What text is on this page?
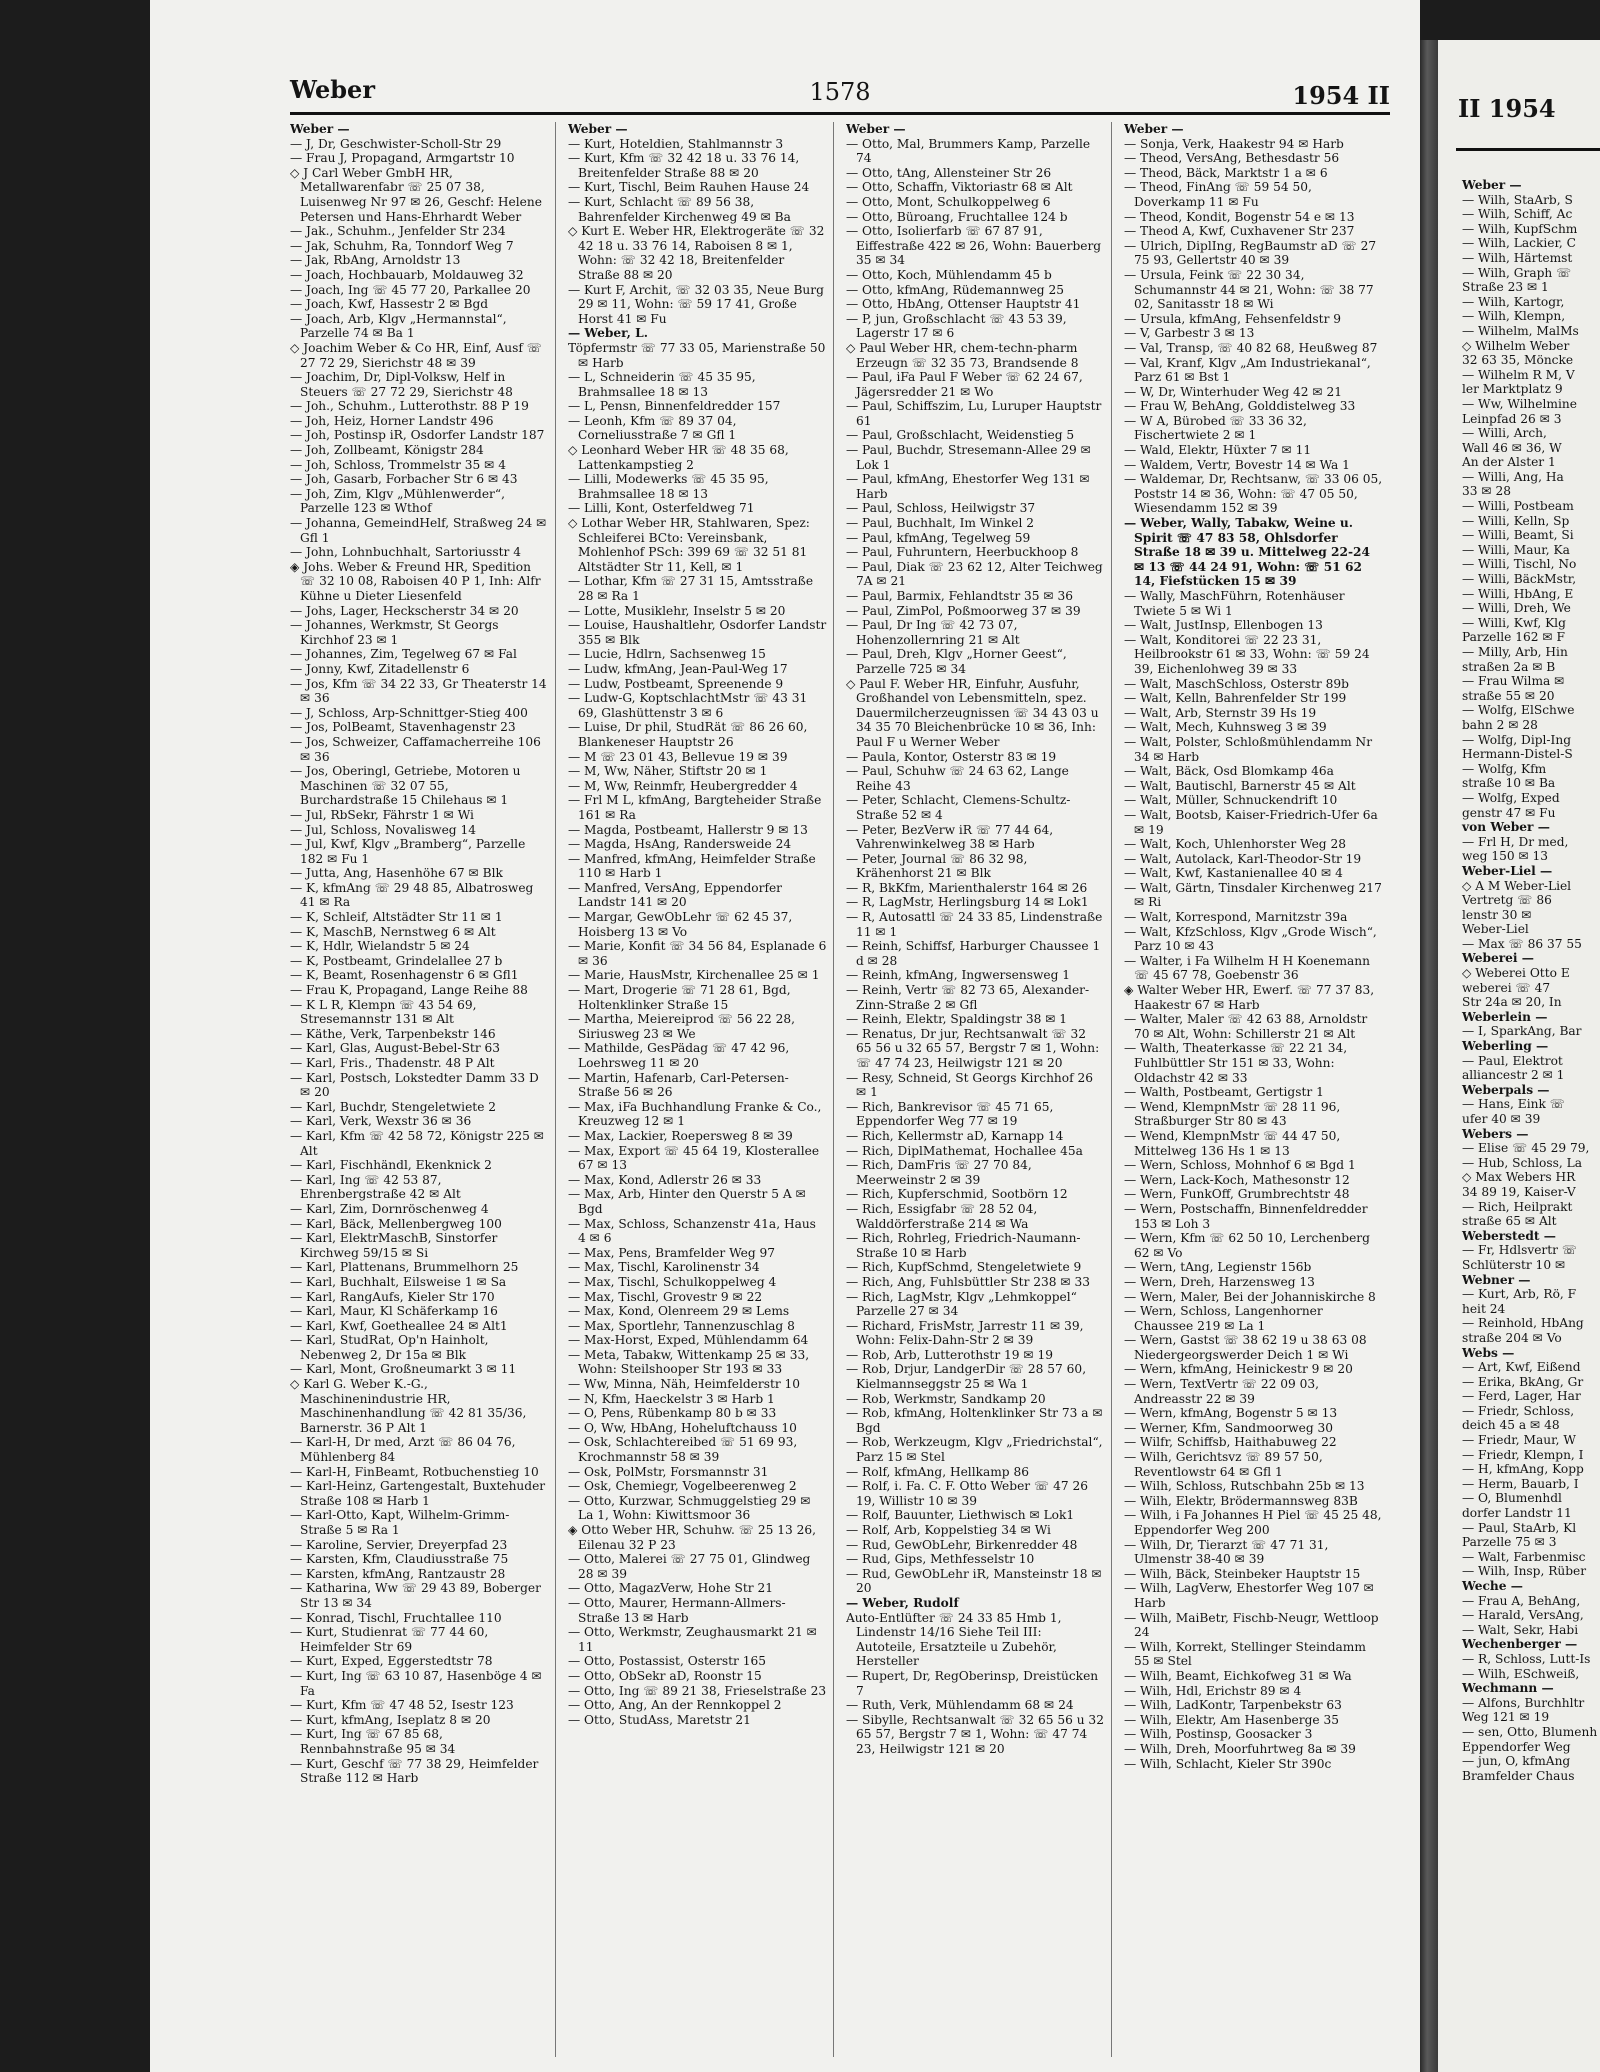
Weber	1578	1954 II

Weber —

— J, Dr, Geschwister-Scholl-Str 29

— Frau J, Propagand, Armgartstr 10

◇ J Carl Weber GmbH HR, Metallwarenfabr ☏ 25 07 38, Luisenweg Nr 97 ✉ 26, Geschf: Helene Petersen und Hans-Ehrhardt Weber

— Jak., Schuhm., Jenfelder Str 234

— Jak, Schuhm, Ra, Tonndorf Weg 7

— Jak, RbAng, Arnoldstr 13

— Joach, Hochbauarb, Moldauweg 32

— Joach, Ing ☏ 45 77 20, Parkallee 20

— Joach, Kwf, Hassestr 2 ✉ Bgd

— Joach, Arb, Klgv „Hermannstal“, Parzelle 74 ✉ Ba 1

◇ Joachim Weber & Co HR, Einf, Ausf ☏ 27 72 29, Sierichstr 48 ✉ 39

— Joachim, Dr, Dipl-Volksw, Helf in Steuers ☏ 27 72 29, Sierichstr 48

— Joh., Schuhm., Lutterothstr. 88 P 19

— Joh, Heiz, Horner Landstr 496

— Joh, Postinsp iR, Osdorfer Landstr 187

— Joh, Zollbeamt, Königstr 284

— Joh, Schloss, Trommelstr 35 ✉ 4

— Joh, Gasarb, Forbacher Str 6 ✉ 43

— Joh, Zim, Klgv „Mühlenwerder“, Parzelle 123 ✉ Wthof

— Johanna, GemeindHelf, Straßweg 24 ✉ Gfl 1

— John, Lohnbuchhalt, Sartoriusstr 4

◈ Johs. Weber & Freund HR, Spedition ☏ 32 10 08, Raboisen 40 P 1, Inh: Alfr Kühne u Dieter Liesenfeld

— Johs, Lager, Heckscherstr 34 ✉ 20

— Johannes, Werkmstr, St Georgs Kirchhof 23 ✉ 1

— Johannes, Zim, Tegelweg 67 ✉ Fal

— Jonny, Kwf, Zitadellenstr 6

— Jos, Kfm ☏ 34 22 33, Gr Theaterstr 14 ✉ 36

— J, Schloss, Arp-Schnittger-Stieg 400

— Jos, PolBeamt, Stavenhagenstr 23

— Jos, Schweizer, Caffamacherreihe 106 ✉ 36

— Jos, Oberingl, Getriebe, Motoren u Maschinen ☏ 32 07 55, Burchardstraße 15 Chilehaus ✉ 1

— Jul, RbSekr, Fährstr 1 ✉ Wi

— Jul, Schloss, Novalisweg 14

— Jul, Kwf, Klgv „Bramberg“, Parzelle 182 ✉ Fu 1

— Jutta, Ang, Hasenhöhe 67 ✉ Blk

— K, kfmAng ☏ 29 48 85, Albatrosweg 41 ✉ Ra

— K, Schleif, Altstädter Str 11 ✉ 1

— K, MaschB, Nernstweg 6 ✉ Alt

— K, Hdlr, Wielandstr 5 ✉ 24

— K, Postbeamt, Grindelallee 27 b

— K, Beamt, Rosenhagenstr 6 ✉ Gfl1

— Frau K, Propagand, Lange Reihe 88

— K L R, Klempn ☏ 43 54 69, Stresemannstr 131 ✉ Alt

— Käthe, Verk, Tarpenbekstr 146

— Karl, Glas, August-Bebel-Str 63

— Karl, Fris., Thadenstr. 48 P Alt

— Karl, Postsch, Lokstedter Damm 33 D ✉ 20

— Karl, Buchdr, Stengeletwiete 2

— Karl, Verk, Wexstr 36 ✉ 36

— Karl, Kfm ☏ 42 58 72, Königstr 225 ✉ Alt

— Karl, Fischhändl, Ekenknick 2

— Karl, Ing ☏ 42 53 87, Ehrenbergstraße 42 ✉ Alt

— Karl, Zim, Dornröschenweg 4

— Karl, Bäck, Mellenbergweg 100

— Karl, ElektrMaschB, Sinstorfer Kirchweg 59/15 ✉ Si

— Karl, Plattenans, Brummelhorn 25

— Karl, Buchhalt, Eilsweise 1 ✉ Sa

— Karl, RangAufs, Kieler Str 170

— Karl, Maur, Kl Schäferkamp 16

— Karl, Kwf, Goetheallee 24 ✉ Alt1

— Karl, StudRat, Op'n Hainholt, Nebenweg 2, Dr 15a ✉ Blk

— Karl, Mont, Großneumarkt 3 ✉ 11

◇ Karl G. Weber K.-G., Maschinenindustrie HR, Maschinenhandlung ☏ 42 81 35/36, Barnerstr. 36 P Alt 1

— Karl-H, Dr med, Arzt ☏ 86 04 76, Mühlenberg 84

— Karl-H, FinBeamt, Rotbuchenstieg 10

— Karl-Heinz, Gartengestalt, Buxtehuder Straße 108 ✉ Harb 1

— Karl-Otto, Kapt, Wilhelm-Grimm-Straße 5 ✉ Ra 1

— Karoline, Servier, Dreyerpfad 23

— Karsten, Kfm, Claudiusstraße 75

— Karsten, kfmAng, Rantzaustr 28

— Katharina, Ww ☏ 29 43 89, Boberger Str 13 ✉ 34

— Konrad, Tischl, Fruchtallee 110

— Kurt, Studienrat ☏ 77 44 60, Heimfelder Str 69

— Kurt, Exped, Eggerstedtstr 78

— Kurt, Ing ☏ 63 10 87, Hasenböge 4 ✉ Fa

— Kurt, Kfm ☏ 47 48 52, Isestr 123

— Kurt, kfmAng, Iseplatz 8 ✉ 20

— Kurt, Ing ☏ 67 85 68, Rennbahnstraße 95 ✉ 34

— Kurt, Geschf ☏ 77 38 29, Heimfelder Straße 112 ✉ Harb

Weber —

— Kurt, Hoteldien, Stahlmannstr 3

— Kurt, Kfm ☏ 32 42 18 u. 33 76 14, Breitenfelder Straße 88 ✉ 20

— Kurt, Tischl, Beim Rauhen Hause 24

— Kurt, Schlacht ☏ 89 56 38, Bahrenfelder Kirchenweg 49 ✉ Ba

◇ Kurt E. Weber HR, Elektrogeräte ☏ 32 42 18 u. 33 76 14, Raboisen 8 ✉ 1, Wohn: ☏ 32 42 18, Breitenfelder Straße 88 ✉ 20

— Kurt F, Archit, ☏ 32 03 35, Neue Burg 29 ✉ 11, Wohn: ☏ 59 17 41, Große Horst 41 ✉ Fu

— Weber, L.

Töpfermstr ☏ 77 33 05, Marienstraße 50 ✉ Harb

— L, Schneiderin ☏ 45 35 95, Brahmsallee 18 ✉ 13

— L, Pensn, Binnenfeldredder 157

— Leonh, Kfm ☏ 89 37 04, Corneliusstraße 7 ✉ Gfl 1

◇ Leonhard Weber HR ☏ 48 35 68, Lattenkampstieg 2

— Lilli, Modewerks ☏ 45 35 95, Brahmsallee 18 ✉ 13

— Lilli, Kont, Osterfeldweg 71

◇ Lothar Weber HR, Stahlwaren, Spez: Schleiferei BCto: Vereinsbank, Mohlenhof PSch: 399 69 ☏ 32 51 81 Altstädter Str 11, Kell, ✉ 1

— Lothar, Kfm ☏ 27 31 15, Amtsstraße 28 ✉ Ra 1

— Lotte, Musiklehr, Inselstr 5 ✉ 20

— Louise, Haushaltlehr, Osdorfer Landstr 355 ✉ Blk

— Lucie, Hdlrn, Sachsenweg 15

— Ludw, kfmAng, Jean-Paul-Weg 17

— Ludw, Postbeamt, Spreenende 9

— Ludw-G, KoptschlachtMstr ☏ 43 31 69, Glashüttenstr 3 ✉ 6

— Luise, Dr phil, StudRät ☏ 86 26 60, Blankeneser Hauptstr 26

— M ☏ 23 01 43, Bellevue 19 ✉ 39

— M, Ww, Näher, Stiftstr 20 ✉ 1

— M, Ww, Reinmfr, Heubergredder 4

— Frl M L, kfmAng, Bargteheider Straße 161 ✉ Ra

— Magda, Postbeamt, Hallerstr 9 ✉ 13

— Magda, HsAng, Randersweide 24

— Manfred, kfmAng, Heimfelder Straße 110 ✉ Harb 1

— Manfred, VersAng, Eppendorfer Landstr 141 ✉ 20

— Margar, GewObLehr ☏ 62 45 37, Hoisberg 13 ✉ Vo

— Marie, Konfit ☏ 34 56 84, Esplanade 6 ✉ 36

— Marie, HausMstr, Kirchenallee 25 ✉ 1

— Mart, Drogerie ☏ 71 28 61, Bgd, Holtenklinker Straße 15

— Martha, Meiereiprod ☏ 56 22 28, Siriusweg 23 ✉ We

— Mathilde, GesPädag ☏ 47 42 96, Loehrsweg 11 ✉ 20

— Martin, Hafenarb, Carl-Petersen-Straße 56 ✉ 26

— Max, iFa Buchhandlung Franke & Co., Kreuzweg 12 ✉ 1

— Max, Lackier, Roepersweg 8 ✉ 39

— Max, Export ☏ 45 64 19, Klosterallee 67 ✉ 13

— Max, Kond, Adlerstr 26 ✉ 33

— Max, Arb, Hinter den Querstr 5 A ✉ Bgd

— Max, Schloss, Schanzenstr 41a, Haus 4 ✉ 6

— Max, Pens, Bramfelder Weg 97

— Max, Tischl, Karolinenstr 34

— Max, Tischl, Schulkoppelweg 4

— Max, Tischl, Grovestr 9 ✉ 22

— Max, Kond, Olenreem 29 ✉ Lems

— Max, Sportlehr, Tannenzuschlag 8

— Max-Horst, Exped, Mühlendamm 64

— Meta, Tabakw, Wittenkamp 25 ✉ 33, Wohn: Steilshooper Str 193 ✉ 33

— Ww, Minna, Näh, Heimfelderstr 10

— N, Kfm, Haeckelstr 3 ✉ Harb 1

— O, Pens, Rübenkamp 80 b ✉ 33

— O, Ww, HbAng, Hoheluftchauss 10

— Osk, Schlachtereibed ☏ 51 69 93, Krochmannstr 58 ✉ 39

— Osk, PolMstr, Forsmannstr 31

— Osk, Chemiegr, Vogelbeerenweg 2

— Otto, Kurzwar, Schmuggelstieg 29 ✉ La 1, Wohn: Kiwittsmoor 36

◈ Otto Weber HR, Schuhw. ☏ 25 13 26, Eilenau 32 P 23

— Otto, Malerei ☏ 27 75 01, Glindweg 28 ✉ 39

— Otto, MagazVerw, Hohe Str 21

— Otto, Maurer, Hermann-Allmers-Straße 13 ✉ Harb

— Otto, Werkmstr, Zeughausmarkt 21 ✉ 11

— Otto, Postassist, Osterstr 165

— Otto, ObSekr aD, Roonstr 15

— Otto, Ing ☏ 89 21 38, Frieselstraße 23

— Otto, Ang, An der Rennkoppel 2

— Otto, StudAss, Maretstr 21

Weber —

— Otto, Mal, Brummers Kamp, Parzelle 74

— Otto, tAng, Allensteiner Str 26

— Otto, Schaffn, Viktoriastr 68 ✉ Alt

— Otto, Mont, Schulkoppelweg 6

— Otto, Büroang, Fruchtallee 124 b

— Otto, Isolierfarb ☏ 67 87 91, Eiffestraße 422 ✉ 26, Wohn: Bauerberg 35 ✉ 34

— Otto, Koch, Mühlendamm 45 b

— Otto, kfmAng, Rüdemannweg 25

— Otto, HbAng, Ottenser Hauptstr 41

— P, jun, Großschlacht ☏ 43 53 39, Lagerstr 17 ✉ 6

◇ Paul Weber HR, chem-techn-pharm Erzeugn ☏ 32 35 73, Brandsende 8

— Paul, iFa Paul F Weber ☏ 62 24 67, Jägersredder 21 ✉ Wo

— Paul, Schiffszim, Lu, Luruper Hauptstr 61

— Paul, Großschlacht, Weidenstieg 5

— Paul, Buchdr, Stresemann-Allee 29 ✉ Lok 1

— Paul, kfmAng, Ehestorfer Weg 131 ✉ Harb

— Paul, Schloss, Heilwigstr 37

— Paul, Buchhalt, Im Winkel 2

— Paul, kfmAng, Tegelweg 59

— Paul, Fuhruntern, Heerbuckhoop 8

— Paul, Diak ☏ 23 62 12, Alter Teichweg 7A ✉ 21

— Paul, Barmix, Fehlandtstr 35 ✉ 36

— Paul, ZimPol, Poßmoorweg 37 ✉ 39

— Paul, Dr Ing ☏ 42 73 07, Hohenzollernring 21 ✉ Alt

— Paul, Dreh, Klgv „Horner Geest“, Parzelle 725 ✉ 34

◇ Paul F. Weber HR, Einfuhr, Ausfuhr, Großhandel von Lebensmitteln, spez. Dauermilcherzeugnissen ☏ 34 43 03 u 34 35 70 Bleichenbrücke 10 ✉ 36, Inh: Paul F u Werner Weber

— Paula, Kontor, Osterstr 83 ✉ 19

— Paul, Schuhw ☏ 24 63 62, Lange Reihe 43

— Peter, Schlacht, Clemens-Schultz-Straße 52 ✉ 4

— Peter, BezVerw iR ☏ 77 44 64, Vahrenwinkelweg 38 ✉ Harb

— Peter, Journal ☏ 86 32 98, Krähenhorst 21 ✉ Blk

— R, BkKfm, Marienthalerstr 164 ✉ 26

— R, LagMstr, Herlingsburg 14 ✉ Lok1

— R, Autosattl ☏ 24 33 85, Lindenstraße 11 ✉ 1

— Reinh, Schiffsf, Harburger Chaussee 1 d ✉ 28

— Reinh, kfmAng, Ingwersensweg 1

— Reinh, Vertr ☏ 82 73 65, Alexander-Zinn-Straße 2 ✉ Gfl

— Reinh, Elektr, Spaldingstr 38 ✉ 1

— Renatus, Dr jur, Rechtsanwalt ☏ 32 65 56 u 32 65 57, Bergstr 7 ✉ 1, Wohn: ☏ 47 74 23, Heilwigstr 121 ✉ 20

— Resy, Schneid, St Georgs Kirchhof 26 ✉ 1

— Rich, Bankrevisor ☏ 45 71 65, Eppendorfer Weg 77 ✉ 19

— Rich, Kellermstr aD, Karnapp 14

— Rich, DiplMathemat, Hochallee 45a

— Rich, DamFris ☏ 27 70 84, Meerweinstr 2 ✉ 39

— Rich, Kupferschmid, Sootbörn 12

— Rich, Essigfabr ☏ 28 52 04, Walddörferstraße 214 ✉ Wa

— Rich, Rohrleg, Friedrich-Naumann-Straße 10 ✉ Harb

— Rich, KupfSchmd, Stengeletwiete 9

— Rich, Ang, Fuhlsbüttler Str 238 ✉ 33

— Rich, LagMstr, Klgv „Lehmkoppel“ Parzelle 27 ✉ 34

— Richard, FrisMstr, Jarrestr 11 ✉ 39, Wohn: Felix-Dahn-Str 2 ✉ 39

— Rob, Arb, Lutterothstr 19 ✉ 19

— Rob, Drjur, LandgerDir ☏ 28 57 60, Kielmannseggstr 25 ✉ Wa 1

— Rob, Werkmstr, Sandkamp 20

— Rob, kfmAng, Holtenklinker Str 73 a ✉ Bgd

— Rob, Werkzeugm, Klgv „Friedrichstal“, Parz 15 ✉ Stel

— Rolf, kfmAng, Hellkamp 86

— Rolf, i. Fa. C. F. Otto Weber ☏ 47 26 19, Willistr 10 ✉ 39

— Rolf, Bauunter, Liethwisch ✉ Lok1

— Rolf, Arb, Koppelstieg 34 ✉ Wi

— Rud, GewObLehr, Birkenredder 48

— Rud, Gips, Methfesselstr 10

— Rud, GewObLehr iR, Mansteinstr 18 ✉ 20

— Weber, Rudolf

Auto-Entlüfter ☏ 24 33 85 Hmb 1, Lindenstr 14/16 Siehe Teil III: Autoteile, Ersatzteile u Zubehör, Hersteller

— Rupert, Dr, RegOberinsp, Dreistücken 7

— Ruth, Verk, Mühlendamm 68 ✉ 24

— Sibylle, Rechtsanwalt ☏ 32 65 56 u 32 65 57, Bergstr 7 ✉ 1, Wohn: ☏ 47 74 23, Heilwigstr 121 ✉ 20

Weber —

— Sonja, Verk, Haakestr 94 ✉ Harb

— Theod, VersAng, Bethesdastr 56

— Theod, Bäck, Marktstr 1 a ✉ 6

— Theod, FinAng ☏ 59 54 50, Doverkamp 11 ✉ Fu

— Theod, Kondit, Bogenstr 54 e ✉ 13

— Theod A, Kwf, Cuxhavener Str 237

— Ulrich, DiplIng, RegBaumstr aD ☏ 27 75 93, Gellertstr 40 ✉ 39

— Ursula, Feink ☏ 22 30 34, Schumannstr 44 ✉ 21, Wohn: ☏ 38 77 02, Sanitasstr 18 ✉ Wi

— Ursula, kfmAng, Fehsenfeldstr 9

— V, Garbestr 3 ✉ 13

— Val, Transp, ☏ 40 82 68, Heußweg 87

— Val, Kranf, Klgv „Am Industriekanal“, Parz 61 ✉ Bst 1

— W, Dr, Winterhuder Weg 42 ✉ 21

— Frau W, BehAng, Golddistelweg 33

— W A, Bürobed ☏ 33 36 32, Fischertwiete 2 ✉ 1

— Wald, Elektr, Hüxter 7 ✉ 11

— Waldem, Vertr, Bovestr 14 ✉ Wa 1

— Waldemar, Dr, Rechtsanw, ☏ 33 06 05, Poststr 14 ✉ 36, Wohn: ☏ 47 05 50, Wiesendamm 152 ✉ 39

— Weber, Wally, Tabakw, Weine u. Spirit ☏ 47 83 58, Ohlsdorfer Straße 18 ✉ 39 u. Mittelweg 22-24 ✉ 13 ☏ 44 24 91, Wohn: ☏ 51 62 14, Fiefstücken 15 ✉ 39

— Wally, MaschFührn, Rotenhäuser Twiete 5 ✉ Wi 1

— Walt, JustInsp, Ellenbogen 13

— Walt, Konditorei ☏ 22 23 31, Heilbrookstr 61 ✉ 33, Wohn: ☏ 59 24 39, Eichenlohweg 39 ✉ 33

— Walt, MaschSchloss, Osterstr 89b

— Walt, Kelln, Bahrenfelder Str 199

— Walt, Arb, Sternstr 39 Hs 19

— Walt, Mech, Kuhnsweg 3 ✉ 39

— Walt, Polster, Schloßmühlendamm Nr 34 ✉ Harb

— Walt, Bäck, Osd Blomkamp 46a

— Walt, Bautischl, Barnerstr 45 ✉ Alt

— Walt, Müller, Schnuckendrift 10

— Walt, Bootsb, Kaiser-Friedrich-Ufer 6a ✉ 19

— Walt, Koch, Uhlenhorster Weg 28

— Walt, Autolack, Karl-Theodor-Str 19

— Walt, Kwf, Kastanienallee 40 ✉ 4

— Walt, Gärtn, Tinsdaler Kirchenweg 217 ✉ Ri

— Walt, Korrespond, Marnitzstr 39a

— Walt, KfzSchloss, Klgv „Grode Wisch“, Parz 10 ✉ 43

— Walter, i Fa Wilhelm H H Koenemann ☏ 45 67 78, Goebenstr 36

◈ Walter Weber HR, Ewerf. ☏ 77 37 83, Haakestr 67 ✉ Harb

— Walter, Maler ☏ 42 63 88, Arnoldstr 70 ✉ Alt, Wohn: Schillerstr 21 ✉ Alt

— Walth, Theaterkasse ☏ 22 21 34, Fuhlbüttler Str 151 ✉ 33, Wohn: Oldachstr 42 ✉ 33

— Walth, Postbeamt, Gertigstr 1

— Wend, KlempnMstr ☏ 28 11 96, Straßburger Str 80 ✉ 43

— Wend, KlempnMstr ☏ 44 47 50, Mittelweg 136 Hs 1 ✉ 13

— Wern, Schloss, Mohnhof 6 ✉ Bgd 1

— Wern, Lack-Koch, Mathesonstr 12

— Wern, FunkOff, Grumbrechtstr 48

— Wern, Postschaffn, Binnenfeldredder 153 ✉ Loh 3

— Wern, Kfm ☏ 62 50 10, Lerchenberg 62 ✉ Vo

— Wern, tAng, Legienstr 156b

— Wern, Dreh, Harzensweg 13

— Wern, Maler, Bei der Johanniskirche 8

— Wern, Schloss, Langenhorner Chaussee 219 ✉ La 1

— Wern, Gastst ☏ 38 62 19 u 38 63 08 Niedergeorgswerder Deich 1 ✉ Wi

— Wern, kfmAng, Heinickestr 9 ✉ 20

— Wern, TextVertr ☏ 22 09 03, Andreasstr 22 ✉ 39

— Wern, kfmAng, Bogenstr 5 ✉ 13

— Werner, Kfm, Sandmoorweg 30

— Wilfr, Schiffsb, Haithabuweg 22

— Wilh, Gerichtsvz ☏ 89 57 50, Reventlowstr 64 ✉ Gfl 1

— Wilh, Schloss, Rutschbahn 25b ✉ 13

— Wilh, Elektr, Brödermannsweg 83B

— Wilh, i Fa Johannes H Piel ☏ 45 25 48, Eppendorfer Weg 200

— Wilh, Dr, Tierarzt ☏ 47 71 31, Ulmenstr 38-40 ✉ 39

— Wilh, Bäck, Steinbeker Hauptstr 15

— Wilh, LagVerw, Ehestorfer Weg 107 ✉ Harb

— Wilh, MaiBetr, Fischb-Neugr, Wettloop 24

— Wilh, Korrekt, Stellinger Steindamm 55 ✉ Stel

— Wilh, Beamt, Eichkofweg 31 ✉ Wa

— Wilh, Hdl, Erichstr 89 ✉ 4

— Wilh, LadKontr, Tarpenbekstr 63

— Wilh, Elektr, Am Hasenberge 35

— Wilh, Postinsp, Goosacker 3

— Wilh, Dreh, Moorfuhrtweg 8a ✉ 39

— Wilh, Schlacht, Kieler Str 390c

II 1954

Weber —

— Wilh, StaArb, S

— Wilh, Schiff, Ac

— Wilh, KupfSchm

— Wilh, Lackier, C

— Wilh, Härtemst

— Wilh, Graph ☏

Straße 23 ✉ 1

— Wilh, Kartogr,

— Wilh, Klempn,

— Wilhelm, MalMs

◇ Wilhelm Weber

32 63 35, Möncke

— Wilhelm R M, V

ler Marktplatz 9

— Ww, Wilhelmine

Leinpfad 26 ✉ 3

— Willi, Arch,

Wall 46 ✉ 36, W

An der Alster 1

— Willi, Ang, Ha

33 ✉ 28

— Willi, Postbeam

— Willi, Kelln, Sp

— Willi, Beamt, Si

— Willi, Maur, Ka

— Willi, Tischl, No

— Willi, BäckMstr,

— Willi, HbAng, E

— Willi, Dreh, We

— Willi, Kwf, Klg

Parzelle 162 ✉ F

— Milly, Arb, Hin

straßen 2a ✉ B

— Frau Wilma ✉

straße 55 ✉ 20

— Wolfg, ElSchwe

bahn 2 ✉ 28

— Wolfg, Dipl-Ing

Hermann-Distel-S

— Wolfg, Kfm

straße 10 ✉ Ba

— Wolfg, Exped

genstr 47 ✉ Fu

von Weber —

— Frl H, Dr med,

weg 150 ✉ 13

Weber-Liel —

◇ A M Weber-Liel

Vertretg ☏ 86

lenstr 30 ✉

Weber-Liel

— Max ☏ 86 37 55

Weberei —

◇ Weberei Otto E

weberei ☏ 47

Str 24a ✉ 20, In

Weberlein —

— I, SparkAng, Bar

Weberling —

— Paul, Elektrot

alliancestr 2 ✉ 1

Weberpals —

— Hans, Eink ☏

ufer 40 ✉ 39

Webers —

— Elise ☏ 45 29 79,

— Hub, Schloss, La

◇ Max Webers HR

34 89 19, Kaiser-V

— Rich, Heilprakt

straße 65 ✉ Alt

Weberstedt —

— Fr, Hdlsvertr ☏

Schlüterstr 10 ✉

Webner —

— Kurt, Arb, Rö, F

heit 24

— Reinhold, HbAng

straße 204 ✉ Vo

Webs —

— Art, Kwf, Eißend

— Erika, BkAng, Gr

— Ferd, Lager, Har

— Friedr, Schloss,

deich 45 a ✉ 48

— Friedr, Maur, W

— Friedr, Klempn, I

— H, kfmAng, Kopp

— Herm, Bauarb, I

— O, Blumenhdl

dorfer Landstr 11

— Paul, StaArb, Kl

Parzelle 75 ✉ 3

— Walt, Farbenmisc

— Wilh, Insp, Rüber

Weche —

— Frau A, BehAng,

— Harald, VersAng,

— Walt, Sekr, Habi

Wechenberger —

— R, Schloss, Lutt-Is

— Wilh, ESchweiß,

Wechmann —

— Alfons, Burchhltr

Weg 121 ✉ 19

— sen, Otto, Blumenh

Eppendorfer Weg

— jun, O, kfmAng

Bramfelder Chaus
